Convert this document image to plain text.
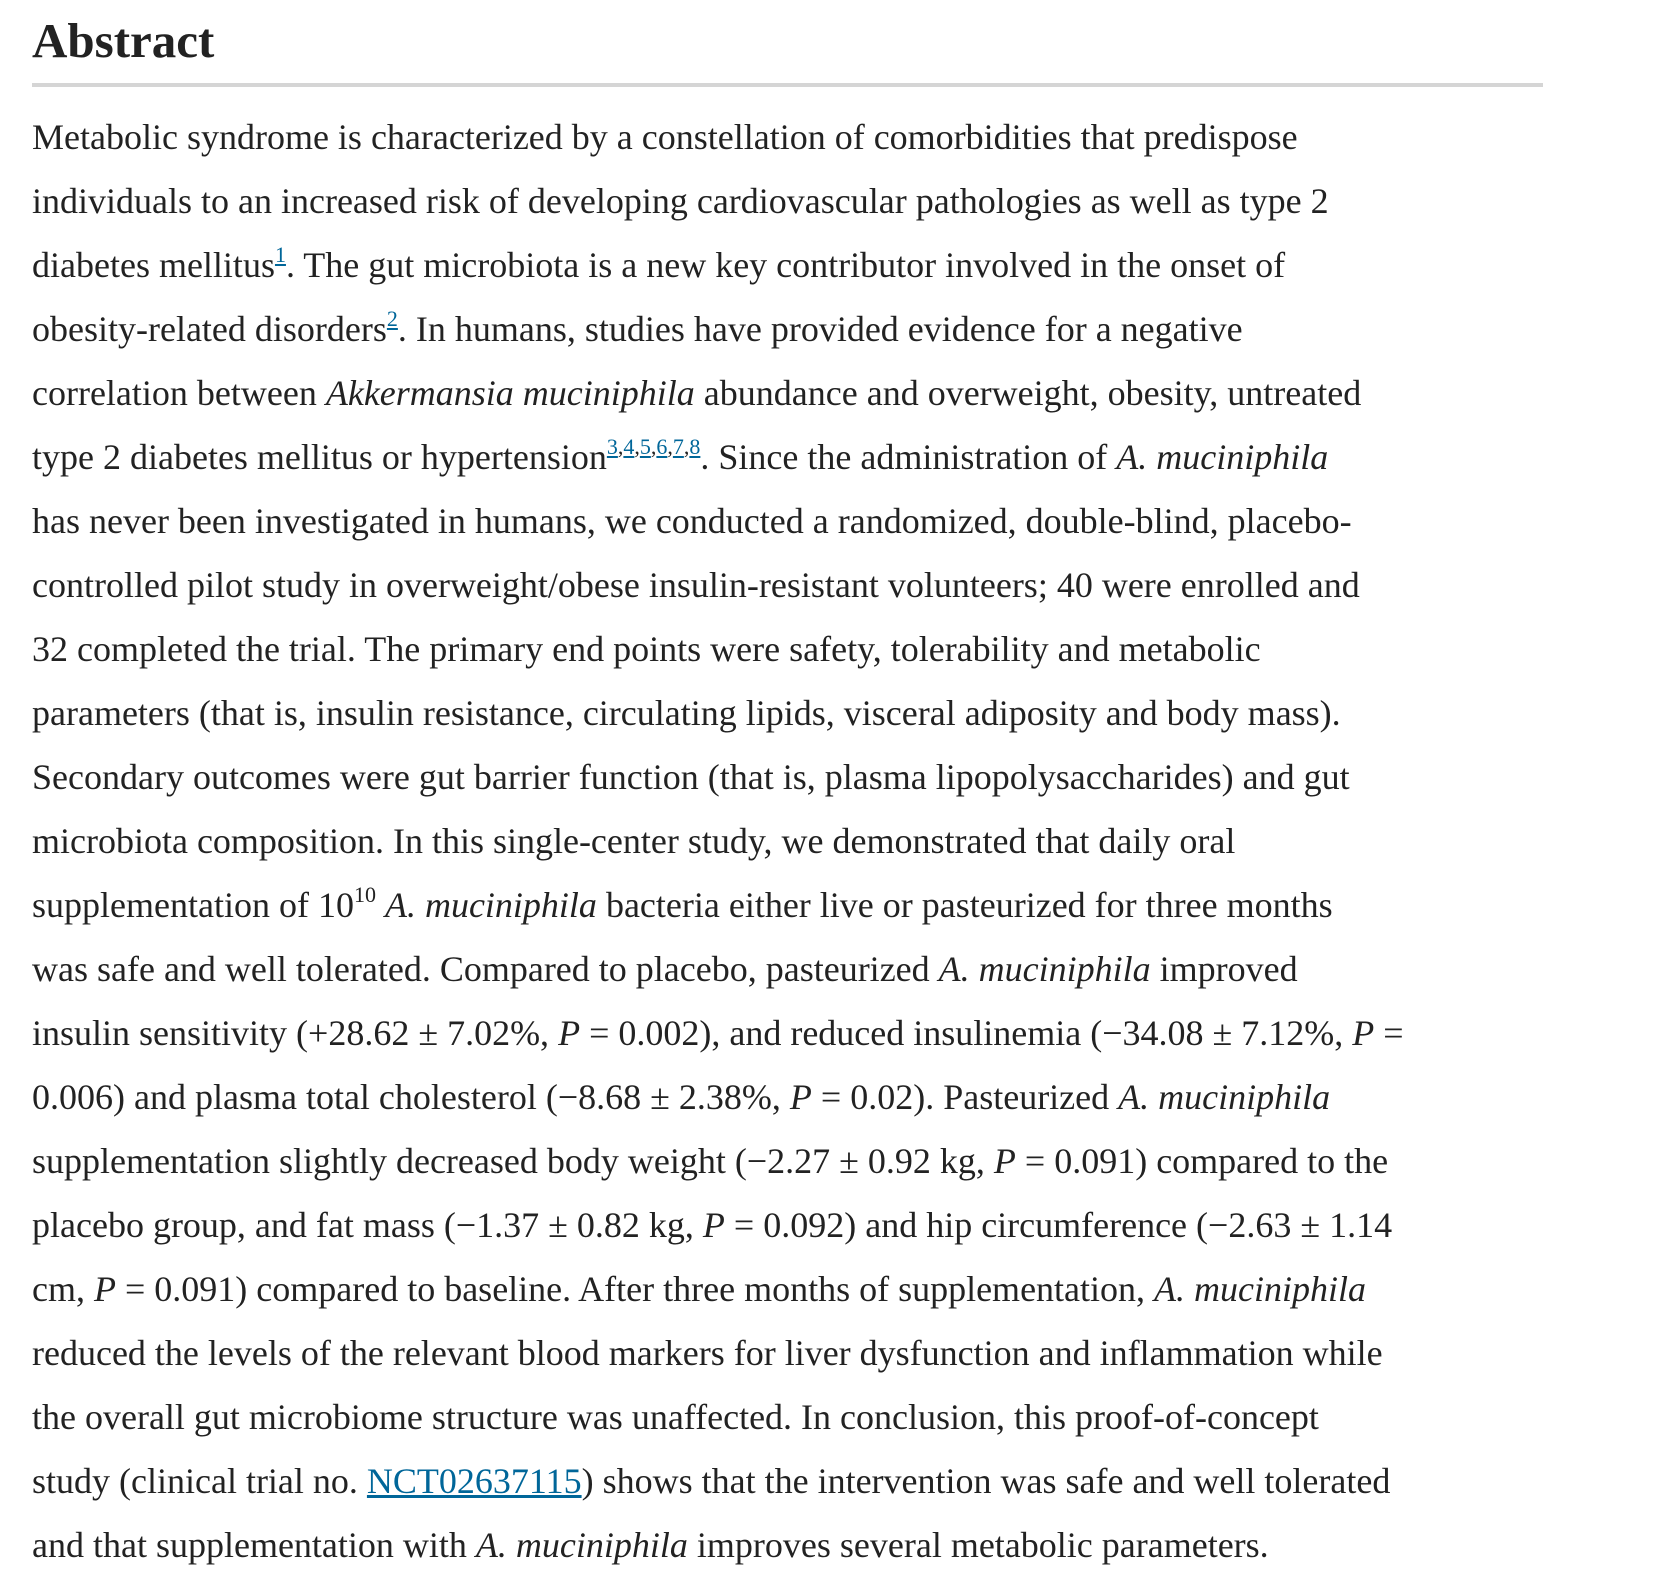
Abstract
Metabolic syndrome is characterized by a constellation of comorbidities that predispose
individuals to an increased risk of developing cardiovascular pathologies as well as type 2
diabetes mellitus$^1$. The gut microbiota is a new key contributor involved in the onset of
obesity-related disorders$^2$. In humans, studies have provided evidence for a negative
correlation between Akkermansia muciniphila abundance and overweight, obesity, untreated
type 2 diabetes mellitus or hypertension$^{3,4,5,6,7,8}$. Since the administration of A. muciniphila
has never been investigated in humans, we conducted a randomized, double-blind, placebo-
controlled pilot study in overweight/obese insulin-resistant volunteers; 40 were enrolled and
32 completed the trial. The primary end points were safety, tolerability and metabolic
parameters (that is, insulin resistance, circulating lipids, visceral adiposity and body mass).
Secondary outcomes were gut barrier function (that is, plasma lipopolysaccharides) and gut
microbiota composition. In this single-center study, we demonstrated that daily oral
supplementation of $10^{10}$ A. muciniphila bacteria either live or pasteurized for three months
was safe and well tolerated. Compared to placebo, pasteurized A. muciniphila improved
insulin sensitivity (+28.62 ± 7.02%, P = 0.002), and reduced insulinemia (−34.08 ± 7.12%, P =
0.006) and plasma total cholesterol (−8.68 ± 2.38%, P = 0.02). Pasteurized A. muciniphila
supplementation slightly decreased body weight (−2.27 ± 0.92 kg, P = 0.091) compared to the
placebo group, and fat mass (−1.37 ± 0.82 kg, P = 0.092) and hip circumference (−2.63 ± 1.14
cm, P = 0.091) compared to baseline. After three months of supplementation, A. muciniphila
reduced the levels of the relevant blood markers for liver dysfunction and inflammation while
the overall gut microbiome structure was unaffected. In conclusion, this proof-of-concept
study (clinical trial no. NCT02637115) shows that the intervention was safe and well tolerated
and that supplementation with A. muciniphila improves several metabolic parameters.
